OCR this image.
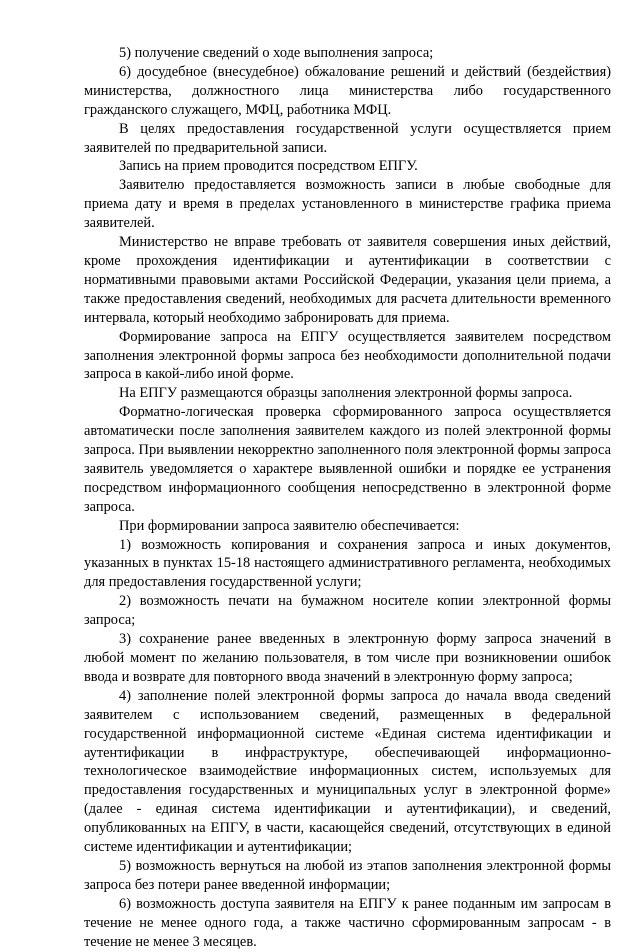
5) получение сведений о ходе выполнения запроса;

6) досудебное (внесудебное) обжалование решений и действий (бездействия) министерства, должностного лица министерства либо государственного гражданского служащего, МФЦ, работника МФЦ.

В целях предоставления государственной услуги осуществляется прием заявителей по предварительной записи.

Запись на прием проводится посредством ЕПГУ.

Заявителю предоставляется возможность записи в любые свободные для приема дату и время в пределах установленного в министерстве графика приема заявителей.

Министерство не вправе требовать от заявителя совершения иных действий, кроме прохождения идентификации и аутентификации в соответствии с нормативными правовыми актами Российской Федерации, указания цели приема, а также предоставления сведений, необходимых для расчета длительности временного интервала, который необходимо забронировать для приема.

Формирование запроса на ЕПГУ осуществляется заявителем посредством заполнения электронной формы запроса без необходимости дополнительной подачи запроса в какой-либо иной форме.

На ЕПГУ размещаются образцы заполнения электронной формы запроса.

Форматно-логическая проверка сформированного запроса осуществляется автоматически после заполнения заявителем каждого из полей электронной формы запроса. При выявлении некорректно заполненного поля электронной формы запроса заявитель уведомляется о характере выявленной ошибки и порядке ее устранения посредством информационного сообщения непосредственно в электронной форме запроса.

При формировании запроса заявителю обеспечивается:

1) возможность копирования и сохранения запроса и иных документов, указанных в пунктах 15-18 настоящего административного регламента, необходимых для предоставления государственной услуги;

2) возможность печати на бумажном носителе копии электронной формы запроса;

3) сохранение ранее введенных в электронную форму запроса значений в любой момент по желанию пользователя, в том числе при возникновении ошибок ввода и возврате для повторного ввода значений в электронную форму запроса;

4) заполнение полей электронной формы запроса до начала ввода сведений заявителем с использованием сведений, размещенных в федеральной государственной информационной системе «Единая система идентификации и аутентификации в инфраструктуре, обеспечивающей информационно-технологическое взаимодействие информационных систем, используемых для предоставления государственных и муниципальных услуг в электронной форме» (далее - единая система идентификации и аутентификации), и сведений, опубликованных на ЕПГУ, в части, касающейся сведений, отсутствующих в единой системе идентификации и аутентификации;

5) возможность вернуться на любой из этапов заполнения электронной формы запроса без потери ранее введенной информации;

6) возможность доступа заявителя на ЕПГУ к ранее поданным им запросам в течение не менее одного года, а также частично сформированным запросам - в течение не менее 3 месяцев.
